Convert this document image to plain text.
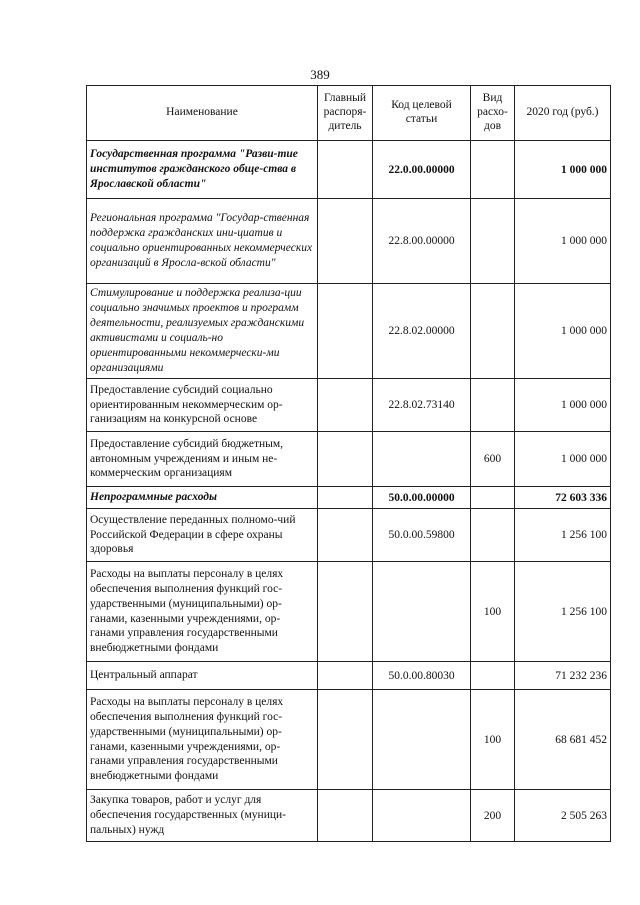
389
Наименование	Главный распоря-дитель	Код целевой статьи	Вид расхо-дов	2020 год (руб.)
Государственная программа "Разви-тие институтов гражданского обще-ства в Ярославской области"		22.0.00.00000		1 000 000
Региональная программа "Государ-ственная поддержка гражданских ини-циатив и социально ориентированных некоммерческих организаций в Яросла-вской области"		22.8.00.00000		1 000 000
Стимулирование и поддержка реализа-ции социально значимых проектов и программ деятельности, реализуемых гражданскими активистами и социаль-но ориентированными некоммерчески-ми организациями		22.8.02.00000		1 000 000
Предоставление субсидий социально ориентированным некоммерческим ор-ганизациям на конкурсной основе		22.8.02.73140		1 000 000
Предоставление субсидий бюджетным, автономным учреждениям и иным не-коммерческим организациям			600	1 000 000
Непрограммные расходы		50.0.00.00000		72 603 336
Осуществление переданных полномо-чий Российской Федерации в сфере охраны здоровья		50.0.00.59800		1 256 100
Расходы на выплаты персоналу в целях обеспечения выполнения функций гос-ударственными (муниципальными) ор-ганами, казенными учреждениями, ор-ганами управления государственными внебюджетными фондами			100	1 256 100
Центральный аппарат		50.0.00.80030		71 232 236
Расходы на выплаты персоналу в целях обеспечения выполнения функций гос-ударственными (муниципальными) ор-ганами, казенными учреждениями, ор-ганами управления государственными внебюджетными фондами			100	68 681 452
Закупка товаров, работ и услуг для обеспечения государственных (муници-пальных) нужд			200	2 505 263
